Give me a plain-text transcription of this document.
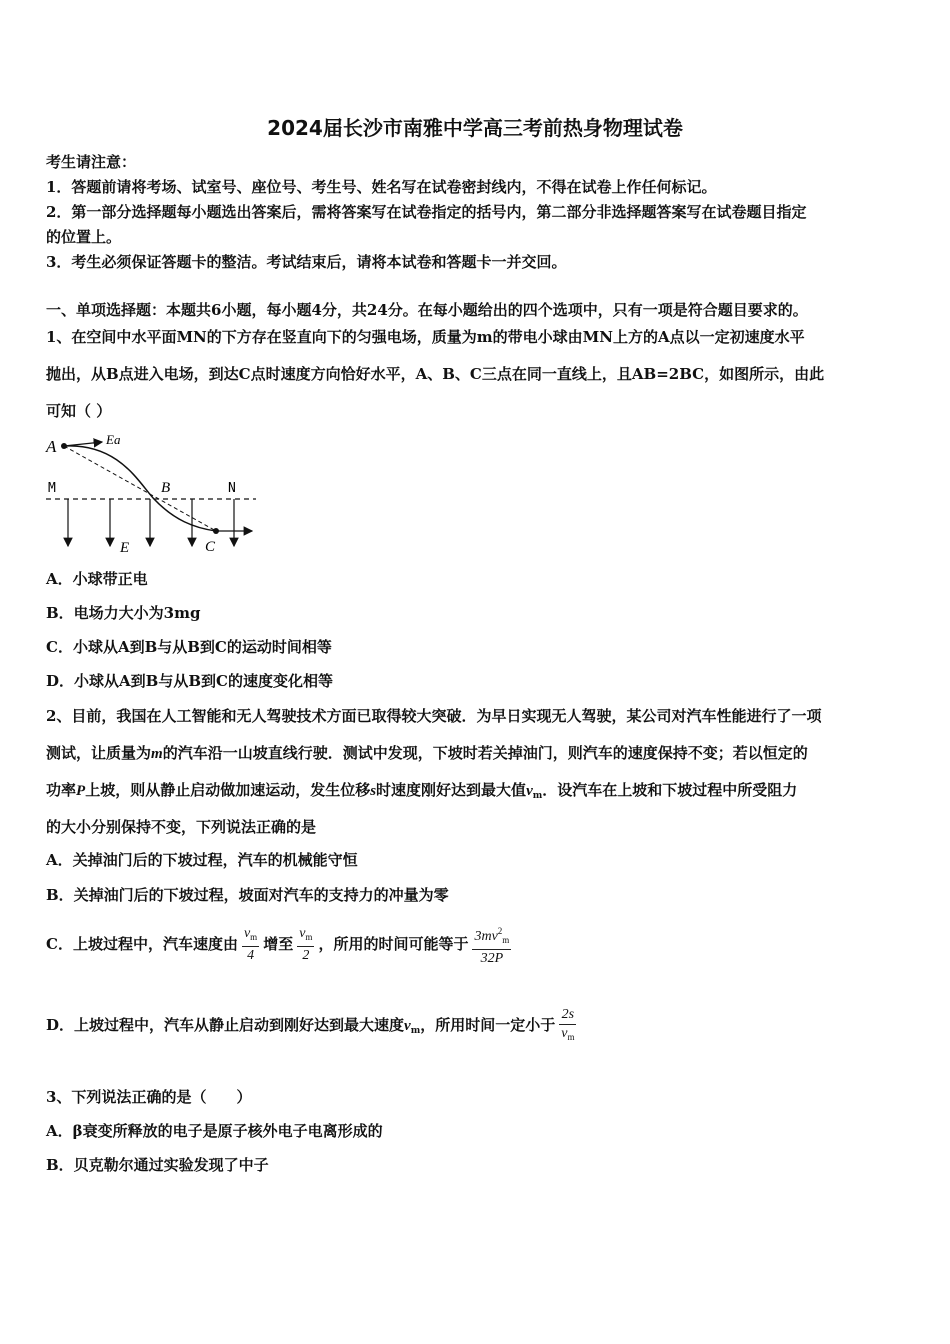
2024届长沙市南雅中学高三考前热身物理试卷
考生请注意：
1．答题前请将考场、试室号、座位号、考生号、姓名写在试卷密封线内，不得在试卷上作任何标记。
2．第一部分选择题每小题选出答案后，需将答案写在试卷指定的括号内，第二部分非选择题答案写在试卷题目指定
的位置上。
3．考生必须保证答题卡的整洁。考试结束后，请将本试卷和答题卡一并交回。
一、单项选择题：本题共6小题，每小题4分，共24分。在每小题给出的四个选项中，只有一项是符合题目要求的。
1、在空间中水平面MN的下方存在竖直向下的匀强电场，质量为m的带电小球由MN上方的A点以一定初速度水平
抛出，从B点进入电场，到达C点时速度方向恰好水平，A、B、C三点在同一直线上，且AB=2BC，如图所示，由此
可知（ ）
A	Ea
M	B	N
E	C
A．小球带正电
B．电场力大小为3mg
C．小球从A到B与从B到C的运动时间相等
D．小球从A到B与从B到C的速度变化相等
2、目前，我国在人工智能和无人驾驶技术方面已取得较大突破．为早日实现无人驾驶，某公司对汽车性能进行了一项
测试，让质量为m的汽车沿一山坡直线行驶．测试中发现，下坡时若关掉油门，则汽车的速度保持不变；若以恒定的
功率P上坡，则从静止启动做加速运动，发生位移s时速度刚好达到最大值$v_m$．设汽车在上坡和下坡过程中所受阻力
的大小分别保持不变，下列说法正确的是
A．关掉油门后的下坡过程，汽车的机械能守恒
B．关掉油门后的下坡过程，坡面对汽车的支持力的冲量为零
C．上坡过程中，汽车速度由 $\frac{v_m}{4}$ 增至 $\frac{v_m}{2}$ ，所用的时间可能等于 $\frac{3mv^2_m}{32P}$
D．上坡过程中，汽车从静止启动到刚好达到最大速度$v_m$，所用时间一定小于 $\frac{2s}{v_m}$
3、下列说法正确的是（　　）
A．β衰变所释放的电子是原子核外电子电离形成的
B．贝克勒尔通过实验发现了中子
